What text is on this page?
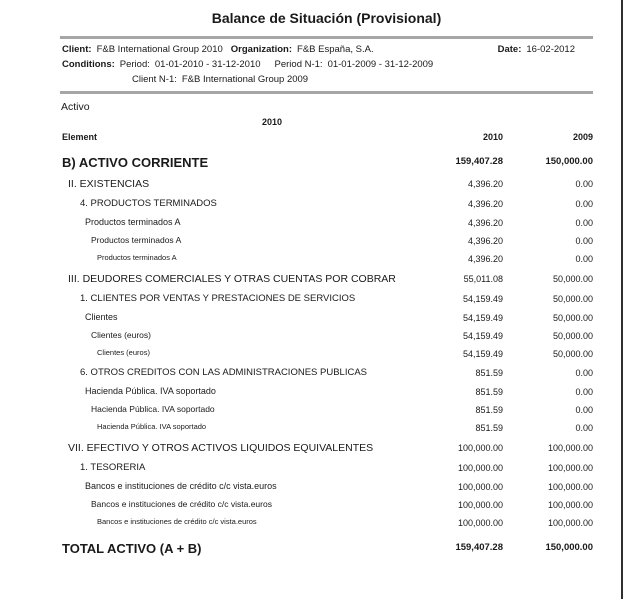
Balance de Situación (Provisional)
Client: F&B International Group 2010 Organization: F&B España, S.A.	Date: 16-02-2012
Conditions: Period: 01-01-2010 - 31-12-2010 Period N-1: 01-01-2009 - 31-12-2009
Client N-1: F&B International Group 2009
Activo
2010
Element	2010	2009
B) ACTIVO CORRIENTE	159,407.28	150,000.00
II. EXISTENCIAS	4,396.20	0.00
4. PRODUCTOS TERMINADOS	4,396.20	0.00
Productos terminados A	4,396.20	0.00
Productos terminados A	4,396.20	0.00
Productos terminados A	4,396.20	0.00
III. DEUDORES COMERCIALES Y OTRAS CUENTAS POR COBRAR	55,011.08	50,000.00
1. CLIENTES POR VENTAS Y PRESTACIONES DE SERVICIOS	54,159.49	50,000.00
Clientes	54,159.49	50,000.00
Clientes (euros)	54,159.49	50,000.00
Clientes (euros)	54,159.49	50,000.00
6. OTROS CREDITOS CON LAS ADMINISTRACIONES PUBLICAS	851.59	0.00
Hacienda Pública. IVA soportado	851.59	0.00
Hacienda Pública. IVA soportado	851.59	0.00
Hacienda Pública. IVA soportado	851.59	0.00
VII. EFECTIVO Y OTROS ACTIVOS LIQUIDOS EQUIVALENTES	100,000.00	100,000.00
1. TESORERIA	100,000.00	100,000.00
Bancos e instituciones de crédito c/c vista.euros	100,000.00	100,000.00
Bancos e instituciones de crédito c/c vista.euros	100,000.00	100,000.00
Bancos e instituciones de crédito c/c vista.euros	100,000.00	100,000.00
TOTAL ACTIVO (A + B)	159,407.28	150,000.00
